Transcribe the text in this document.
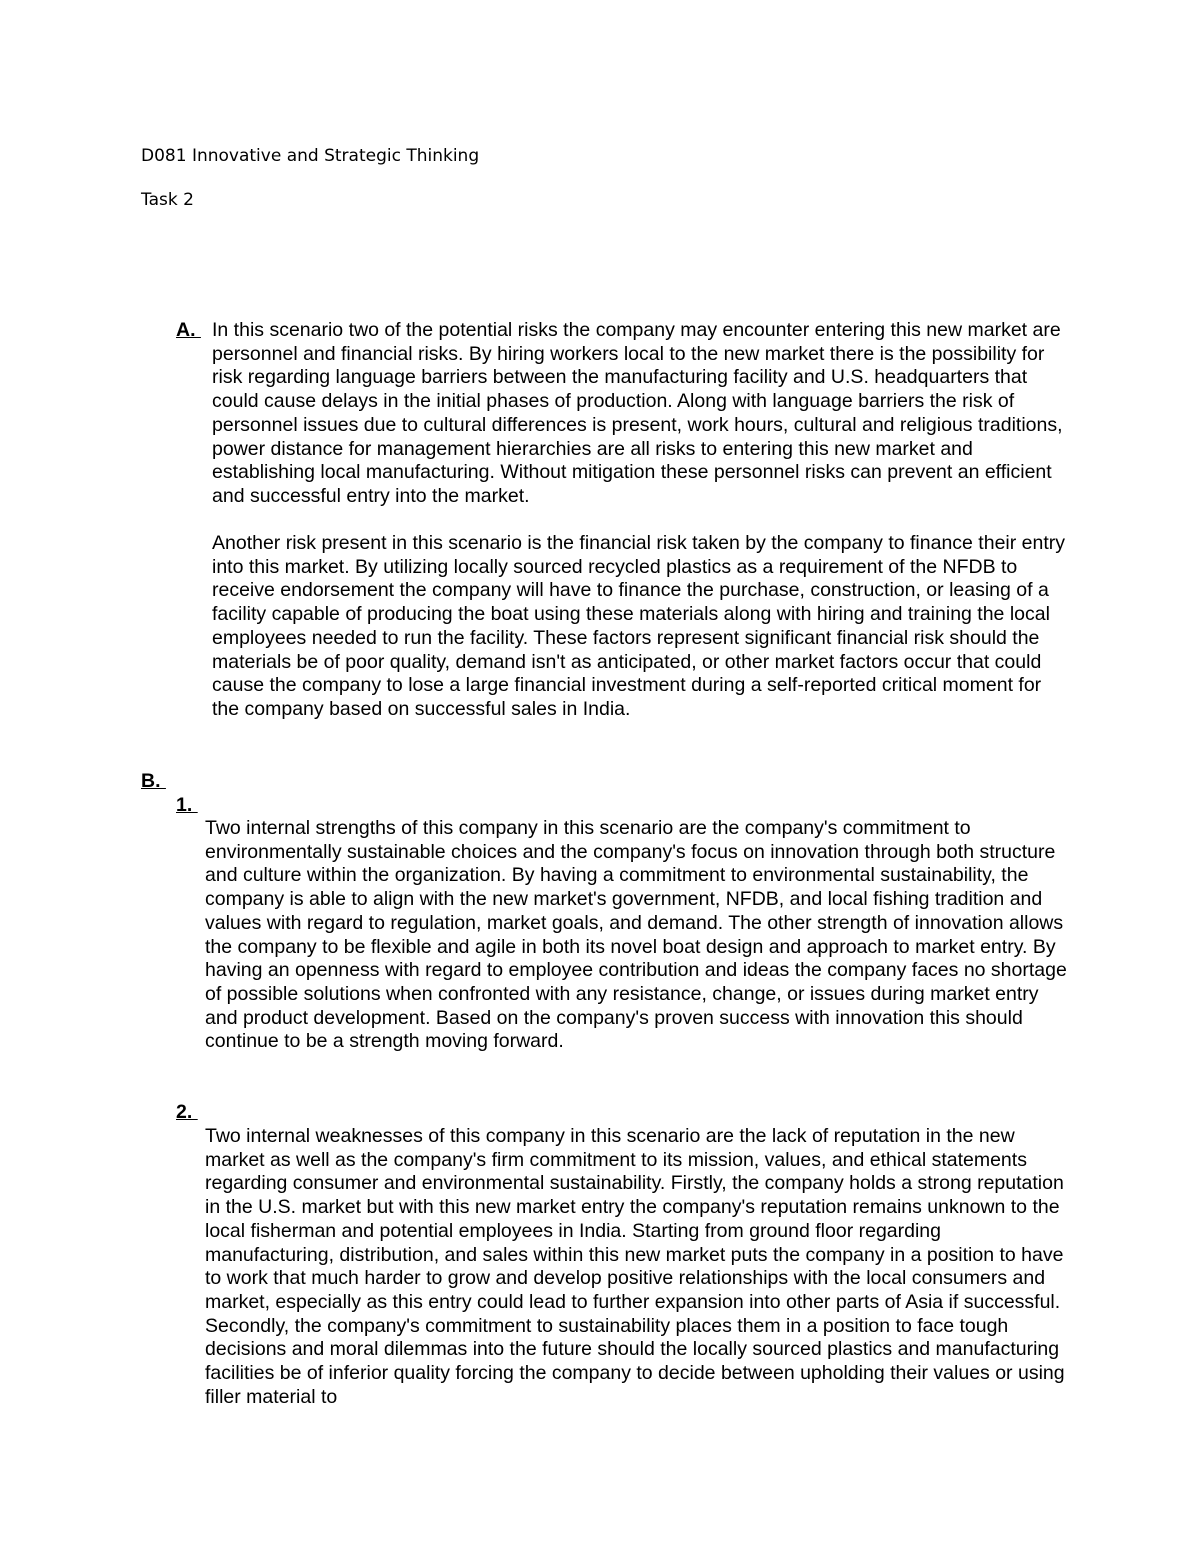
D081 Innovative and Strategic Thinking
Task 2
A. In this scenario two of the potential risks the company may encounter entering this new market are personnel and financial risks. By hiring workers local to the new market there is the possibility for risk regarding language barriers between the manufacturing facility and U.S. headquarters that could cause delays in the initial phases of production. Along with language barriers the risk of personnel issues due to cultural differences is present, work hours, cultural and religious traditions, power distance for management hierarchies are all risks to entering this new market and establishing local manufacturing. Without mitigation these personnel risks can prevent an efficient and successful entry into the market.

Another risk present in this scenario is the financial risk taken by the company to finance their entry into this market. By utilizing locally sourced recycled plastics as a requirement of the NFDB to receive endorsement the company will have to finance the purchase, construction, or leasing of a facility capable of producing the boat using these materials along with hiring and training the local employees needed to run the facility. These factors represent significant financial risk should the materials be of poor quality, demand isn't as anticipated, or other market factors occur that could cause the company to lose a large financial investment during a self-reported critical moment for the company based on successful sales in India.

B.
1.

Two internal strengths of this company in this scenario are the company's commitment to environmentally sustainable choices and the company's focus on innovation through both structure and culture within the organization. By having a commitment to environmental sustainability, the company is able to align with the new market's government, NFDB, and local fishing tradition and values with regard to regulation, market goals, and demand. The other strength of innovation allows the company to be flexible and agile in both its novel boat design and approach to market entry. By having an openness with regard to employee contribution and ideas the company faces no shortage of possible solutions when confronted with any resistance, change, or issues during market entry and product development. Based on the company's proven success with innovation this should continue to be a strength moving forward.

2.

Two internal weaknesses of this company in this scenario are the lack of reputation in the new market as well as the company's firm commitment to its mission, values, and ethical statements regarding consumer and environmental sustainability. Firstly, the company holds a strong reputation in the U.S. market but with this new market entry the company's reputation remains unknown to the local fisherman and potential employees in India. Starting from ground floor regarding manufacturing, distribution, and sales within this new market puts the company in a position to have to work that much harder to grow and develop positive relationships with the local consumers and market, especially as this entry could lead to further expansion into other parts of Asia if successful. Secondly, the company's commitment to sustainability places them in a position to face tough decisions and moral dilemmas into the future should the locally sourced plastics and manufacturing facilities be of inferior quality forcing the company to decide between upholding their values or using filler material to
